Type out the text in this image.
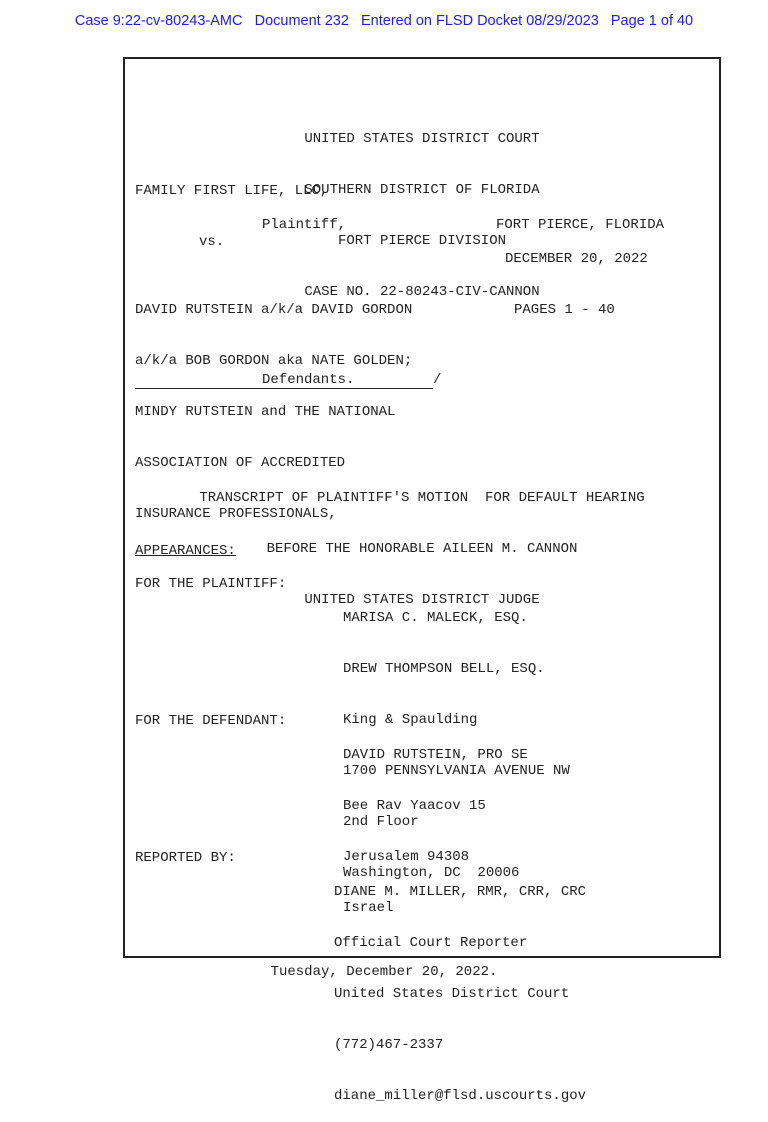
Case 9:22-cv-80243-AMC Document 232 Entered on FLSD Docket 08/29/2023 Page 1 of 40

UNITED STATES DISTRICT COURT

SOUTHERN DISTRICT OF FLORIDA

FORT PIERCE DIVISION

CASE NO. 22-80243-CIV-CANNON

FAMILY FIRST LIFE, LLC,
Plaintiff,	FORT PIERCE, FLORIDA
vs.
DECEMBER 20, 2022

DAVID RUTSTEIN a/k/a DAVID GORDON

a/k/a BOB GORDON aka NATE GOLDEN;

MINDY RUTSTEIN and THE NATIONAL

ASSOCIATION OF ACCREDITED

INSURANCE PROFESSIONALS,

PAGES 1 - 40
Defendants.	/

TRANSCRIPT OF PLAINTIFF'S MOTION  FOR DEFAULT HEARING

BEFORE THE HONORABLE AILEEN M. CANNON

UNITED STATES DISTRICT JUDGE

APPEARANCES:
FOR THE PLAINTIFF:

MARISA C. MALECK, ESQ.

DREW THOMPSON BELL, ESQ.

King & Spaulding

1700 PENNSYLVANIA AVENUE NW

2nd Floor

Washington, DC  20006

FOR THE DEFENDANT:

DAVID RUTSTEIN, PRO SE

Bee Rav Yaacov 15

Jerusalem 94308

Israel

REPORTED BY:

DIANE M. MILLER, RMR, CRR, CRC

Official Court Reporter

United States District Court

(772)467-2337

diane_miller@flsd.uscourts.gov

Tuesday, December 20, 2022.
